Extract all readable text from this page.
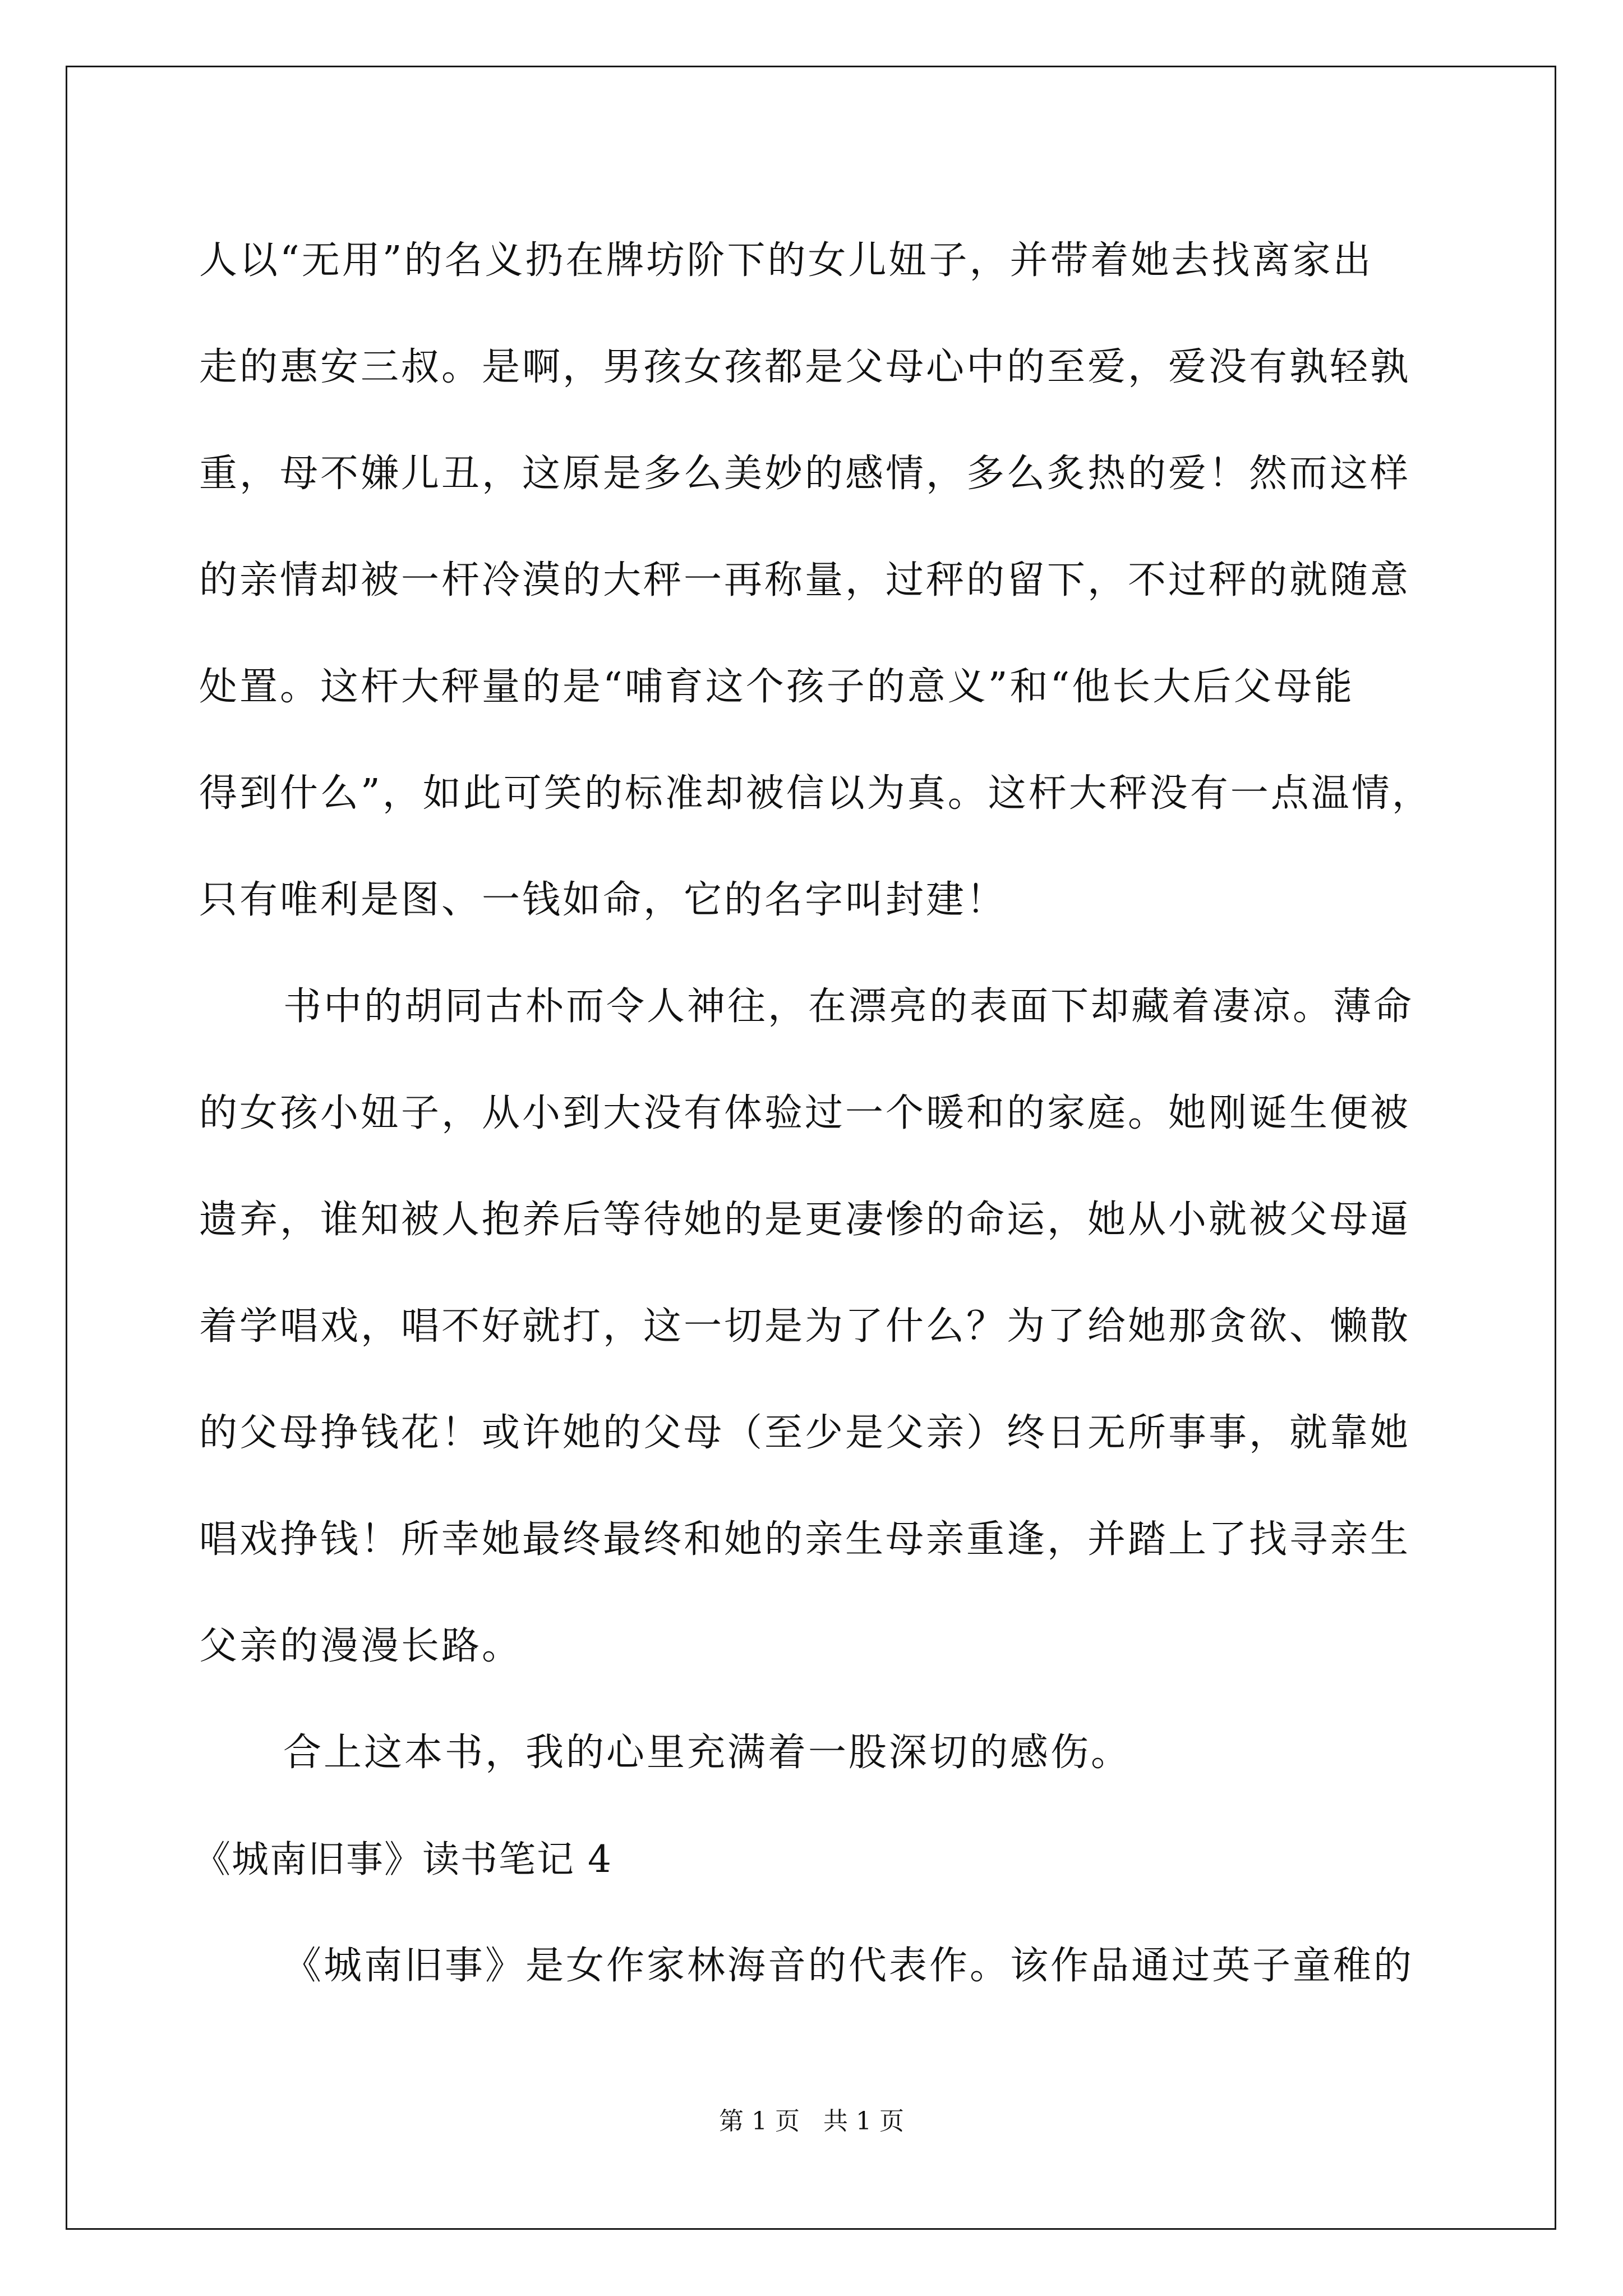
人以“无用”的名义扔在牌坊阶下的女儿妞子，并带着她去找离家出
走的惠安三叔。是啊，男孩女孩都是父母心中的至爱，爱没有孰轻孰
重，母不嫌儿丑，这原是多么美妙的感情，多么炙热的爱！然而这样
的亲情却被一杆冷漠的大秤一再称量，过秤的留下，不过秤的就随意
处置。这杆大秤量的是“哺育这个孩子的意义”和“他长大后父母能
得到什么”，如此可笑的标准却被信以为真。这杆大秤没有一点温情，
只有唯利是图、一钱如命，它的名字叫封建！
书中的胡同古朴而令人神往，在漂亮的表面下却藏着凄凉。薄命
的女孩小妞子，从小到大没有体验过一个暖和的家庭。她刚诞生便被
遗弃，谁知被人抱养后等待她的是更凄惨的命运，她从小就被父母逼
着学唱戏，唱不好就打，这一切是为了什么？为了给她那贪欲、懒散
的父母挣钱花！或许她的父母（至少是父亲）终日无所事事，就靠她
唱戏挣钱！所幸她最终最终和她的亲生母亲重逢，并踏上了找寻亲生
父亲的漫漫长路。
合上这本书，我的心里充满着一股深切的感伤。
《城南旧事》读书笔记 4
《城南旧事》是女作家林海音的代表作。该作品通过英子童稚的
第 1 页   共 1 页
